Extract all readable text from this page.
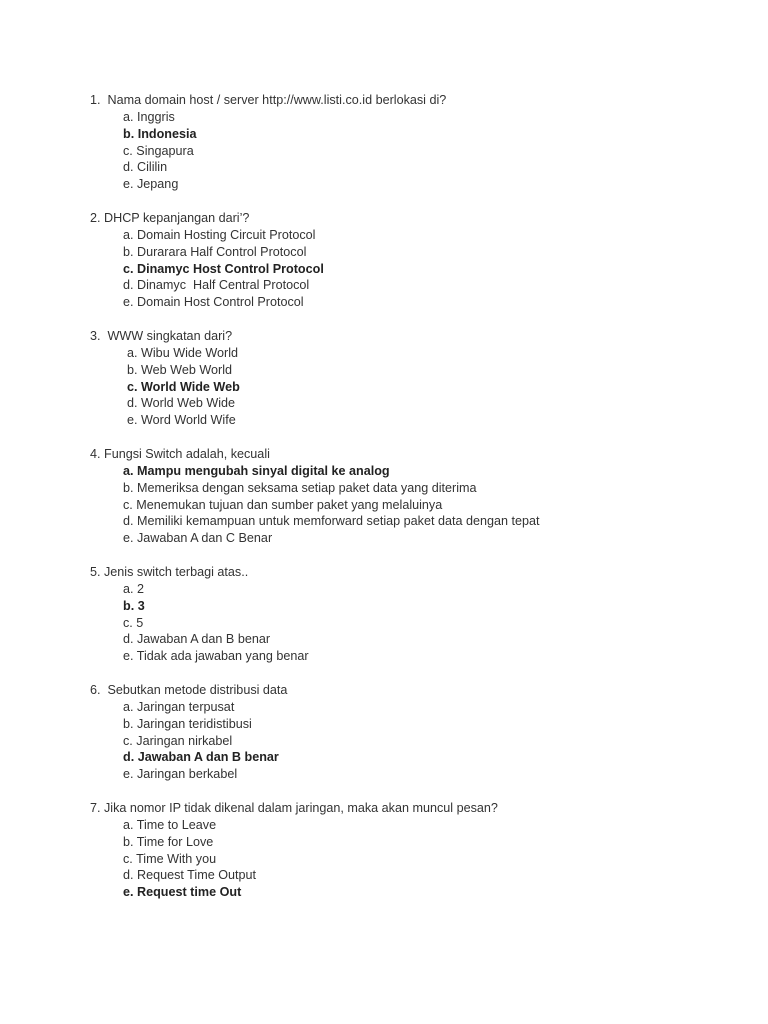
1.  Nama domain host / server http://www.listi.co.id berlokasi di?
a. Inggris
b. Indonesia
c. Singapura
d. Cililin
e. Jepang
2. DHCP kepanjangan dari’?
a. Domain Hosting Circuit Protocol
b. Durarara Half Control Protocol
c. Dinamyc Host Control Protocol
d. Dinamyc  Half Central Protocol
e. Domain Host Control Protocol
3.  WWW singkatan dari?
a. Wibu Wide World
b. Web Web World
c. World Wide Web
d. World Web Wide
e. Word World Wife
4. Fungsi Switch adalah, kecuali
a. Mampu mengubah sinyal digital ke analog
b. Memeriksa dengan seksama setiap paket data yang diterima
c. Menemukan tujuan dan sumber paket yang melaluinya
d. Memiliki kemampuan untuk memforward setiap paket data dengan tepat
e. Jawaban A dan C Benar
5. Jenis switch terbagi atas..
a. 2
b. 3
c. 5
d. Jawaban A dan B benar
e. Tidak ada jawaban yang benar
6.  Sebutkan metode distribusi data
a. Jaringan terpusat
b. Jaringan teridistibusi
c. Jaringan nirkabel
d. Jawaban A dan B benar
e. Jaringan berkabel
7. Jika nomor IP tidak dikenal dalam jaringan, maka akan muncul pesan?
a. Time to Leave
b. Time for Love
c. Time With you
d. Request Time Output
e. Request time Out
